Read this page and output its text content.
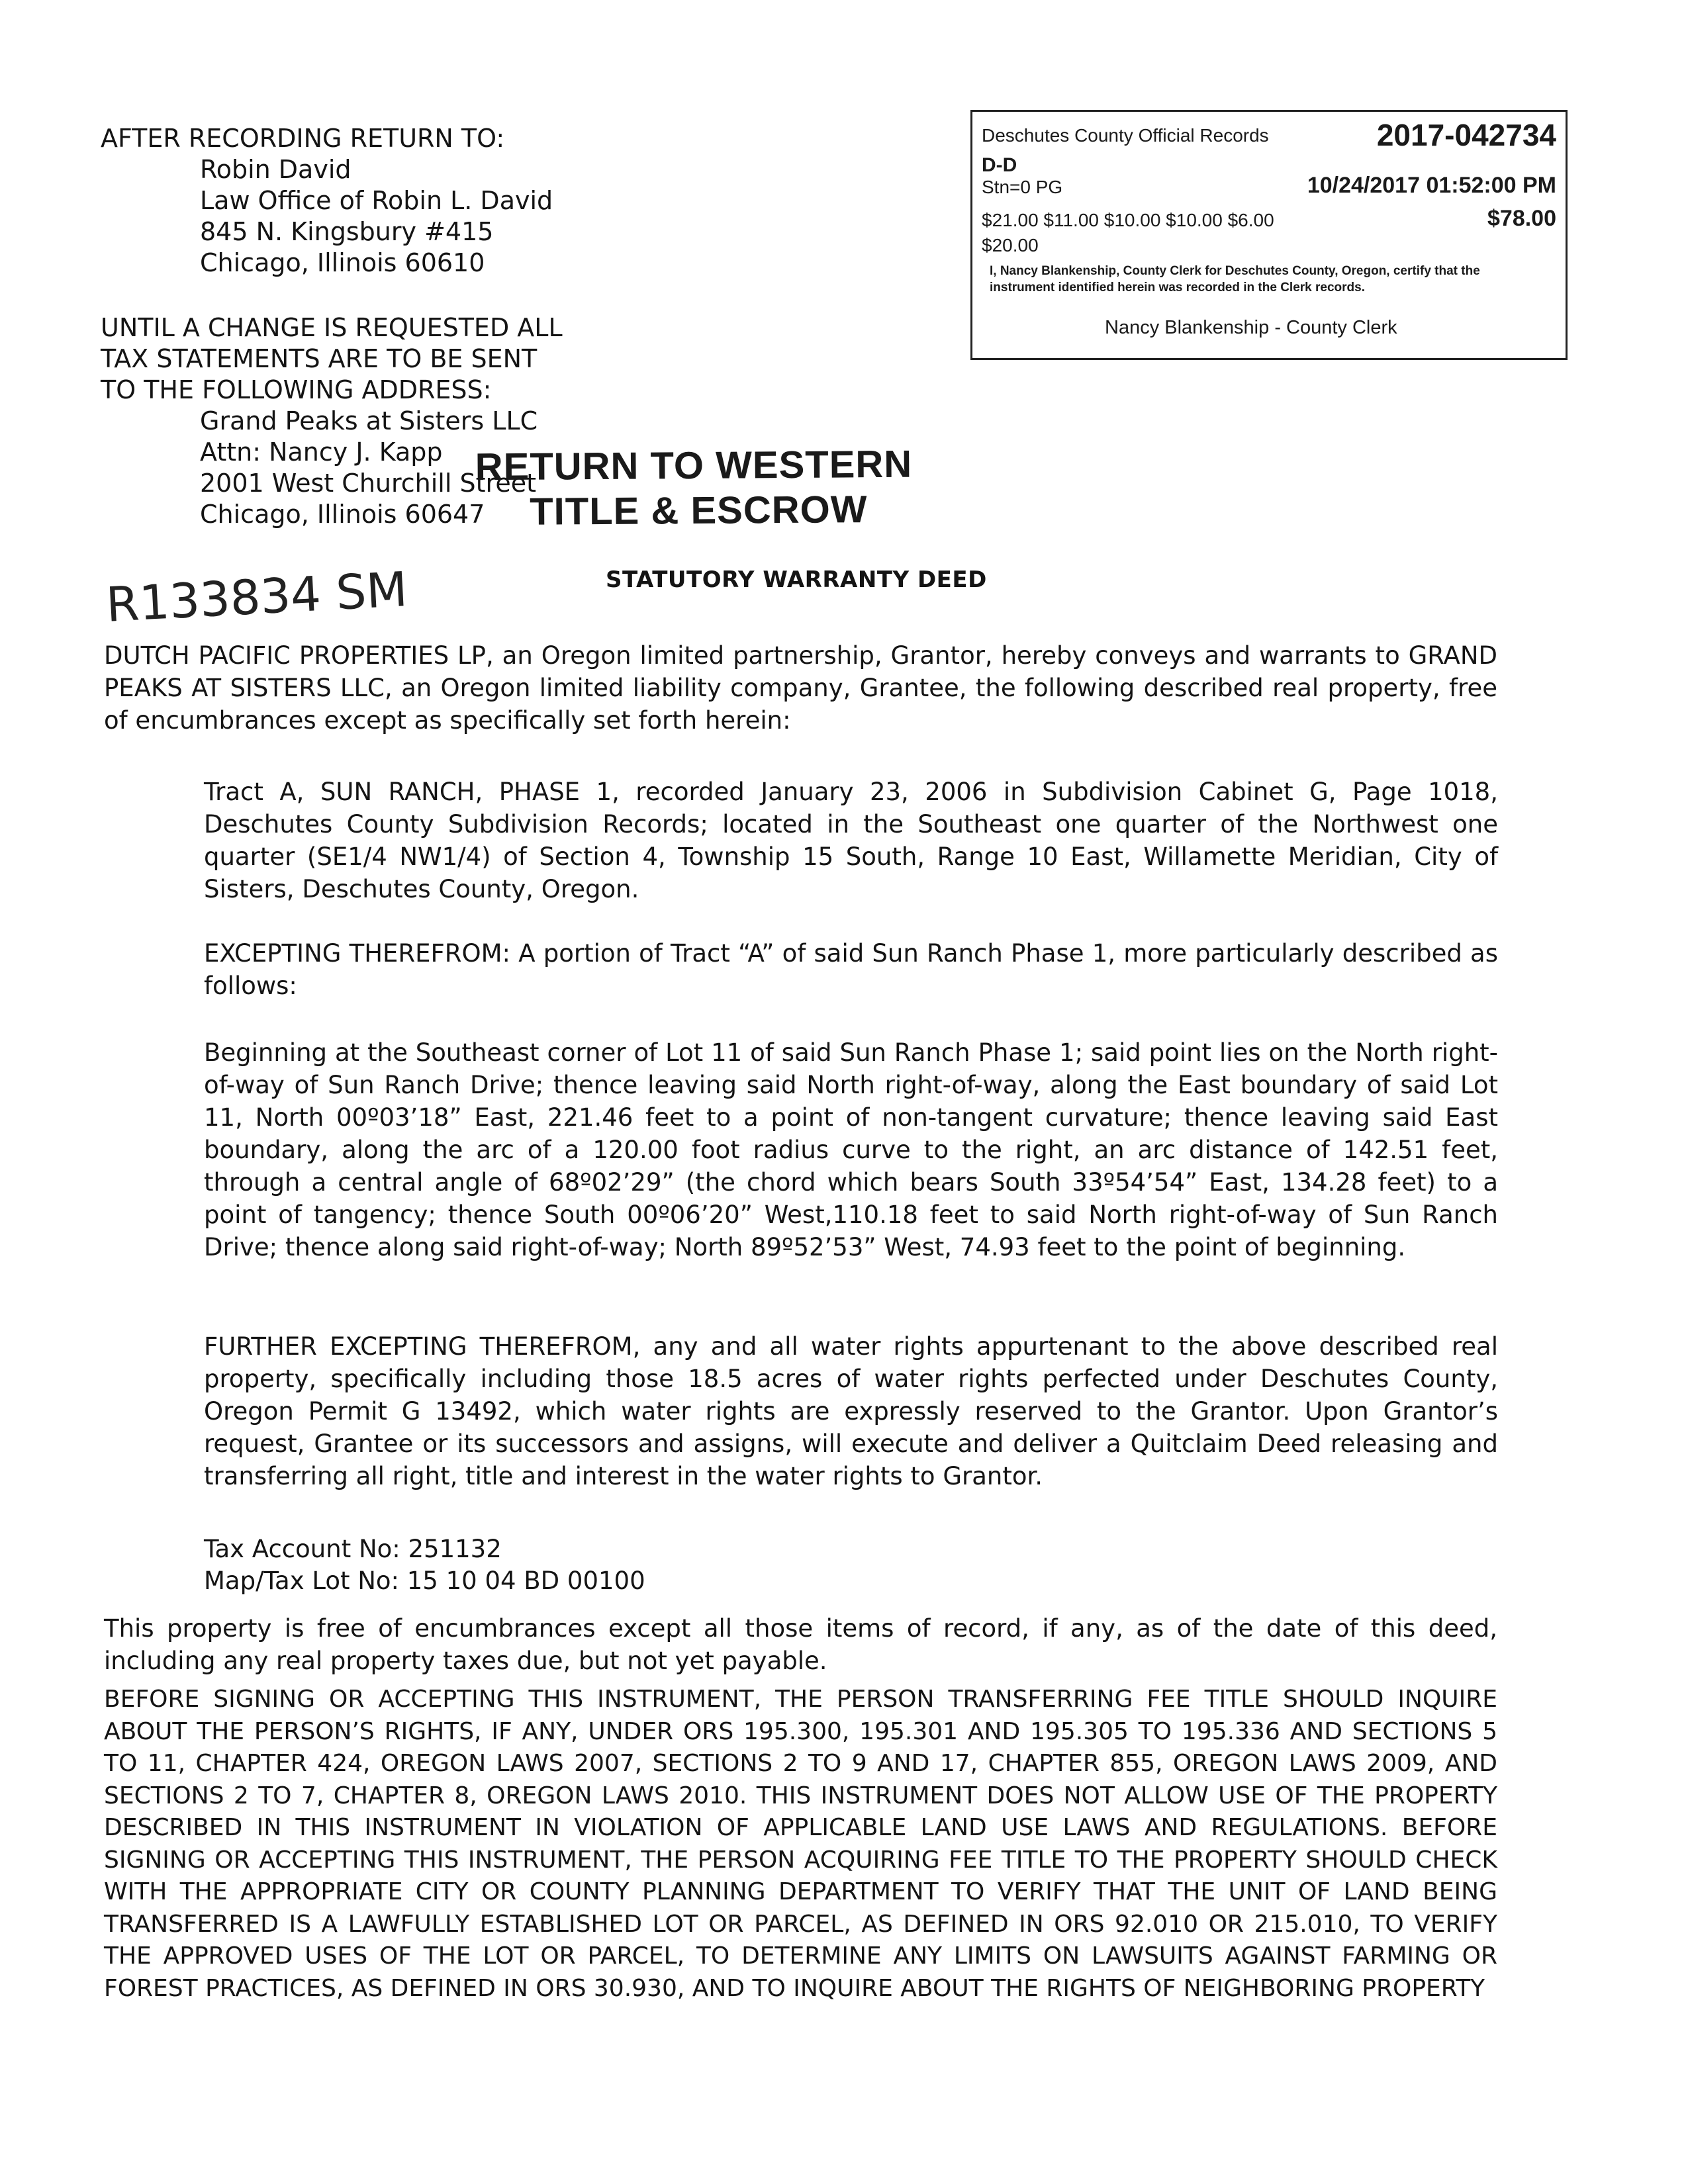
AFTER RECORDING RETURN TO:
Robin David
Law Office of Robin L. David
845 N. Kingsbury #415
Chicago, Illinois 60610
UNTIL A CHANGE IS REQUESTED ALL
TAX STATEMENTS ARE TO BE SENT
TO THE FOLLOWING ADDRESS:
Grand Peaks at Sisters LLC
Attn: Nancy J. Kapp
2001 West Churchill Street
Chicago, Illinois 60647
RETURN TO WESTERN
TITLE & ESCROW
Deschutes County Official Records	2017-042734
D-D
Stn=0 PG	10/24/2017 01:52:00 PM
$21.00 $11.00 $10.00 $10.00 $6.00	$78.00
$20.00
I, Nancy Blankenship, County Clerk for Deschutes County, Oregon, certify that the instrument identified herein was recorded in the Clerk records.
Nancy Blankenship - County Clerk
R133834 SM	STATUTORY WARRANTY DEED
DUTCH PACIFIC PROPERTIES LP, an Oregon limited partnership, Grantor, hereby conveys and warrants to GRAND PEAKS AT SISTERS LLC, an Oregon limited liability company, Grantee, the following described real property, free of encumbrances except as specifically set forth herein:
Tract A, SUN RANCH, PHASE 1, recorded January 23, 2006 in Subdivision Cabinet G, Page 1018, Deschutes County Subdivision Records; located in the Southeast one quarter of the Northwest one quarter (SE1/4 NW1/4) of Section 4, Township 15 South, Range 10 East, Willamette Meridian, City of Sisters, Deschutes County, Oregon.
EXCEPTING THEREFROM: A portion of Tract “A” of said Sun Ranch Phase 1, more particularly described as follows:
Beginning at the Southeast corner of Lot 11 of said Sun Ranch Phase 1; said point lies on the North right-of-way of Sun Ranch Drive; thence leaving said North right-of-way, along the East boundary of said Lot 11, North 00º03’18” East, 221.46 feet to a point of non-tangent curvature; thence leaving said East boundary, along the arc of a 120.00 foot radius curve to the right, an arc distance of 142.51 feet, through a central angle of 68º02’29” (the chord which bears South 33º54’54” East, 134.28 feet) to a point of tangency; thence South 00º06’20” West,110.18 feet to said North right-of-way of Sun Ranch Drive; thence along said right-of-way; North 89º52’53” West, 74.93 feet to the point of beginning.
FURTHER EXCEPTING THEREFROM, any and all water rights appurtenant to the above described real property, specifically including those 18.5 acres of water rights perfected under Deschutes County, Oregon Permit G 13492, which water rights are expressly reserved to the Grantor. Upon Grantor’s request, Grantee or its successors and assigns, will execute and deliver a Quitclaim Deed releasing and transferring all right, title and interest in the water rights to Grantor.
Tax Account No: 251132
Map/Tax Lot No: 15 10 04 BD 00100
This property is free of encumbrances except all those items of record, if any, as of the date of this deed, including any real property taxes due, but not yet payable.
BEFORE SIGNING OR ACCEPTING THIS INSTRUMENT, THE PERSON TRANSFERRING FEE TITLE SHOULD INQUIRE ABOUT THE PERSON’S RIGHTS, IF ANY, UNDER ORS 195.300, 195.301 AND 195.305 TO 195.336 AND SECTIONS 5 TO 11, CHAPTER 424, OREGON LAWS 2007, SECTIONS 2 TO 9 AND 17, CHAPTER 855, OREGON LAWS 2009, AND SECTIONS 2 TO 7, CHAPTER 8, OREGON LAWS 2010. THIS INSTRUMENT DOES NOT ALLOW USE OF THE PROPERTY DESCRIBED IN THIS INSTRUMENT IN VIOLATION OF APPLICABLE LAND USE LAWS AND REGULATIONS. BEFORE SIGNING OR ACCEPTING THIS INSTRUMENT, THE PERSON ACQUIRING FEE TITLE TO THE PROPERTY SHOULD CHECK WITH THE APPROPRIATE CITY OR COUNTY PLANNING DEPARTMENT TO VERIFY THAT THE UNIT OF LAND BEING TRANSFERRED IS A LAWFULLY ESTABLISHED LOT OR PARCEL, AS DEFINED IN ORS 92.010 OR 215.010, TO VERIFY THE APPROVED USES OF THE LOT OR PARCEL, TO DETERMINE ANY LIMITS ON LAWSUITS AGAINST FARMING OR FOREST PRACTICES, AS DEFINED IN ORS 30.930, AND TO INQUIRE ABOUT THE RIGHTS OF NEIGHBORING PROPERTY
